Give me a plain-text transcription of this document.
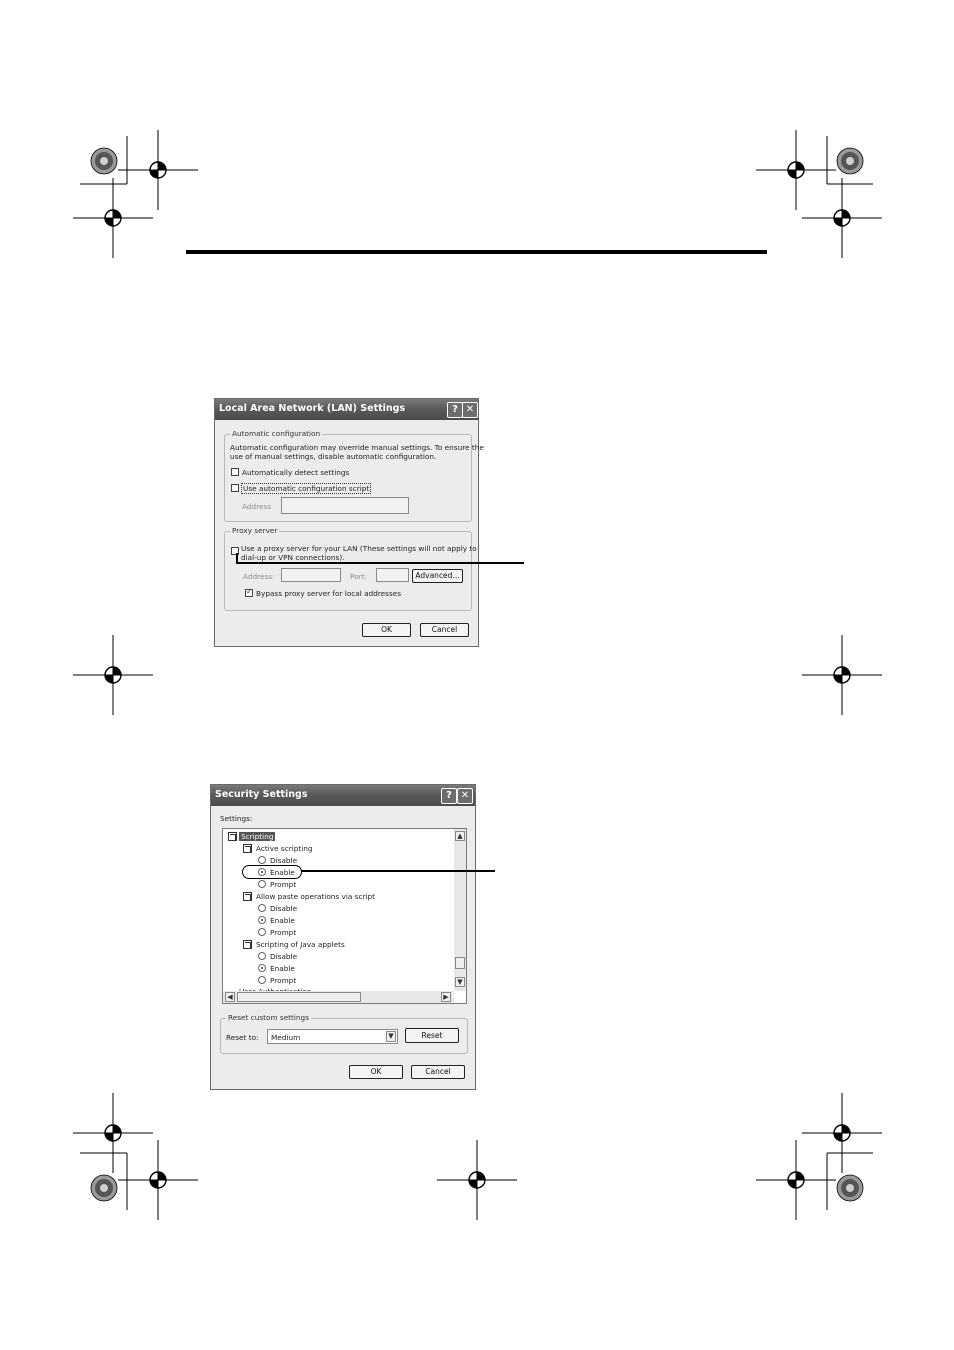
Local Area Network (LAN) Settings	? ✕
Automatic configuration
Automatic configuration may override manual settings. To ensure the
use of manual settings, disable automatic configuration.
Automatically detect settings
Use automatic configuration script
Address
Proxy server
Use a proxy server for your LAN (These settings will not apply to
dial-up or VPN connections).
Address:	Port:	Advanced...
✓
Bypass proxy server for local addresses
OK	Cancel
Security Settings	? ✕
Settings:
Scripting
Active scripting
Disable
Enable
Prompt
Allow paste operations via script
Disable
Enable
Prompt
Scripting of Java applets
Disable
Enable
Prompt
▲
▼
◀	▶
Reset custom settings
Reset to: Medium	▼	Reset
OK	Cancel
